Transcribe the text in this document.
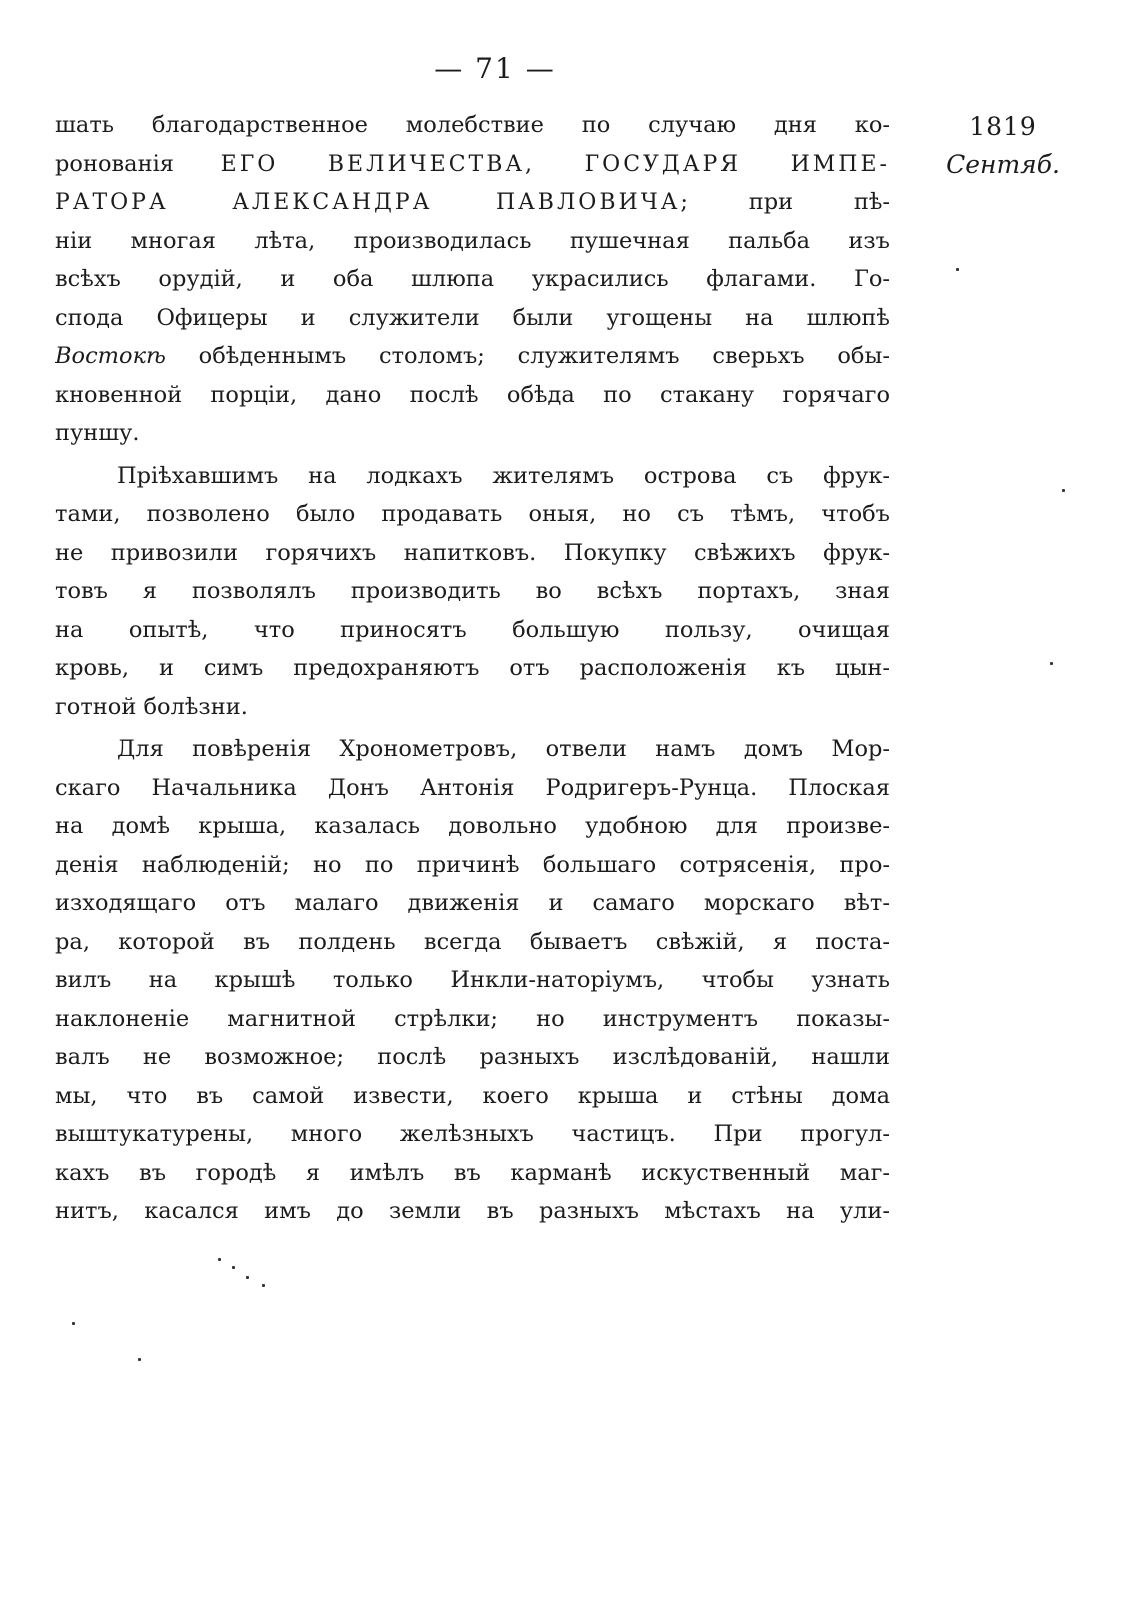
— 71 —
1819
Сентяб.
шать благодарственное молебствие по случаю дня ко-
ронованія ЕГО ВЕЛИЧЕСТВА, ГОСУДАРЯ ИМПЕ-
РАТОРА АЛЕКСАНДРА ПАВЛОВИЧА; при пѣ-
ніи многая лѣта, производилась пушечная пальба изъ
всѣхъ орудій, и оба шлюпа украсились флагами. Го-
спода Офицеры и служители были угощены на шлюпѣ
Востокѣ обѣденнымъ столомъ; служителямъ сверьхъ обы-
кновенной порціи, дано послѣ обѣда по стакану горячаго
пуншу.
Пріѣхавшимъ на лодкахъ жителямъ острова съ фрук-
тами, позволено было продавать оныя, но съ тѣмъ, чтобъ
не привозили горячихъ напитковъ. Покупку свѣжихъ фрук-
товъ я позволялъ производить во всѣхъ портахъ, зная
на опытѣ, что приносятъ большую пользу, очищая
кровь, и симъ предохраняютъ отъ расположенія къ цын-
готной болѣзни.
Для повѣренія Хронометровъ, отвели намъ домъ Мор-
скаго Начальника Донъ Антонія Родригеръ-Рунца. Плоская
на домѣ крыша, казалась довольно удобною для произве-
денія наблюденій; но по причинѣ большаго сотрясенія, про-
изходящаго отъ малаго движенія и самаго морскаго вѣт-
ра, которой въ полдень всегда бываетъ свѣжій, я поста-
вилъ на крышѣ только Инкли-наторіумъ, чтобы узнать
наклоненіе магнитной стрѣлки; но инструментъ показы-
валъ не возможное; послѣ разныхъ изслѣдованій, нашли
мы, что въ самой извести, коего крыша и стѣны дома
выштукатурены, много желѣзныхъ частицъ. При прогул-
кахъ въ городѣ я имѣлъ въ карманѣ искуственный маг-
нитъ, касался имъ до земли въ разныхъ мѣстахъ на ули-
